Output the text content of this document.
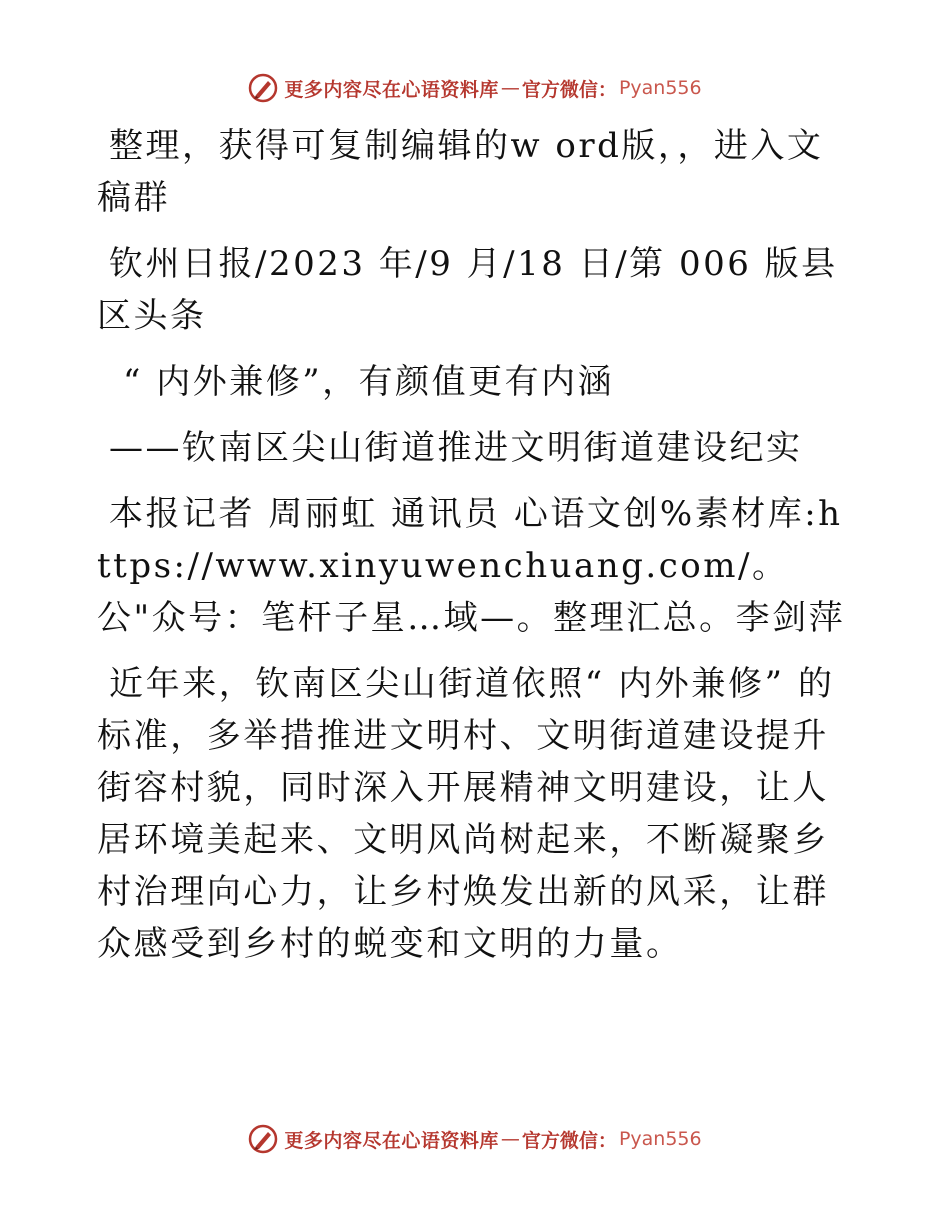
更多内容尽在心语资料库 — 官方微信： Pyan556

整理，获得可复制编辑的w ord版，，进入文稿群

钦州日报/2023 年/9 月/18 日/第 006 版县区头条

“ 内外兼修”，有颜值更有内涵

——钦南区尖山街道推进文明街道建设纪实

本报记者 周丽虹 通讯员 心语文创%素材库:https://www.xinyuwenchuang.com/。公"众号：笔杆子星…域—。整理汇总。李剑萍

近年来，钦南区尖山街道依照“ 内外兼修” 的标准，多举措推进文明村、文明街道建设提升街容村貌，同时深入开展精神文明建设，让人居环境美起来、文明风尚树起来，不断凝聚乡村治理向心力，让乡村焕发出新的风采，让群众感受到乡村的蜕变和文明的力量。

更多内容尽在心语资料库 — 官方微信： Pyan556
